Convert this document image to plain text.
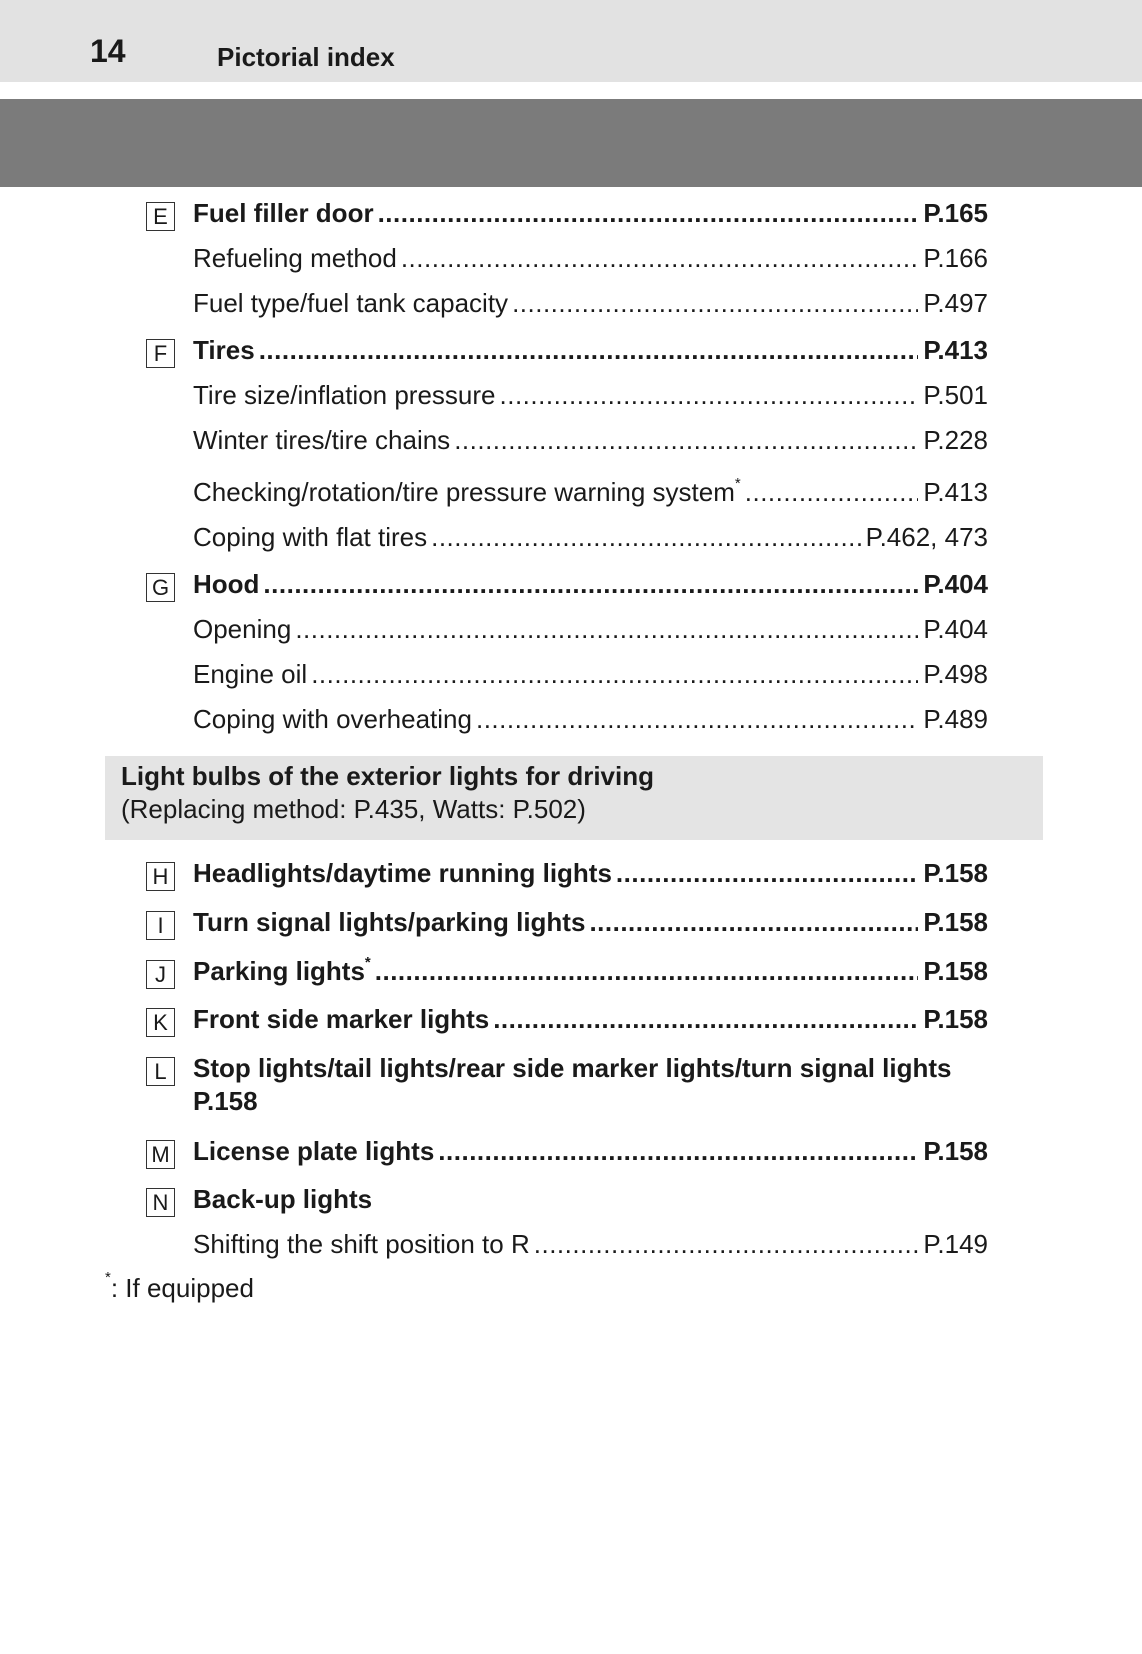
14	Pictorial index
E Fuel filler door .....	P.165
Refueling method .....	P.166
Fuel type/fuel tank capacity .....	P.497
F Tires .....	P.413
Tire size/inflation pressure .....	P.501
Winter tires/tire chains .....	P.228
Checking/rotation/tire pressure warning system* .....	P.413
Coping with flat tires .....	P.462, 473
G Hood .....	P.404
Opening .....	P.404
Engine oil .....	P.498
Coping with overheating .....	P.489
Light bulbs of the exterior lights for driving
(Replacing method: P.435, Watts: P.502)
H Headlights/daytime running lights .....	P.158
I	Turn signal lights/parking lights .....	P.158
J	Parking lights* .....	P.158
K Front side marker lights .....	P.158
L	Stop lights/tail lights/rear side marker lights/turn signal lights
P.158
M License plate lights .....	P.158
N Back-up lights
Shifting the shift position to R .....	P.149
*: If equipped
